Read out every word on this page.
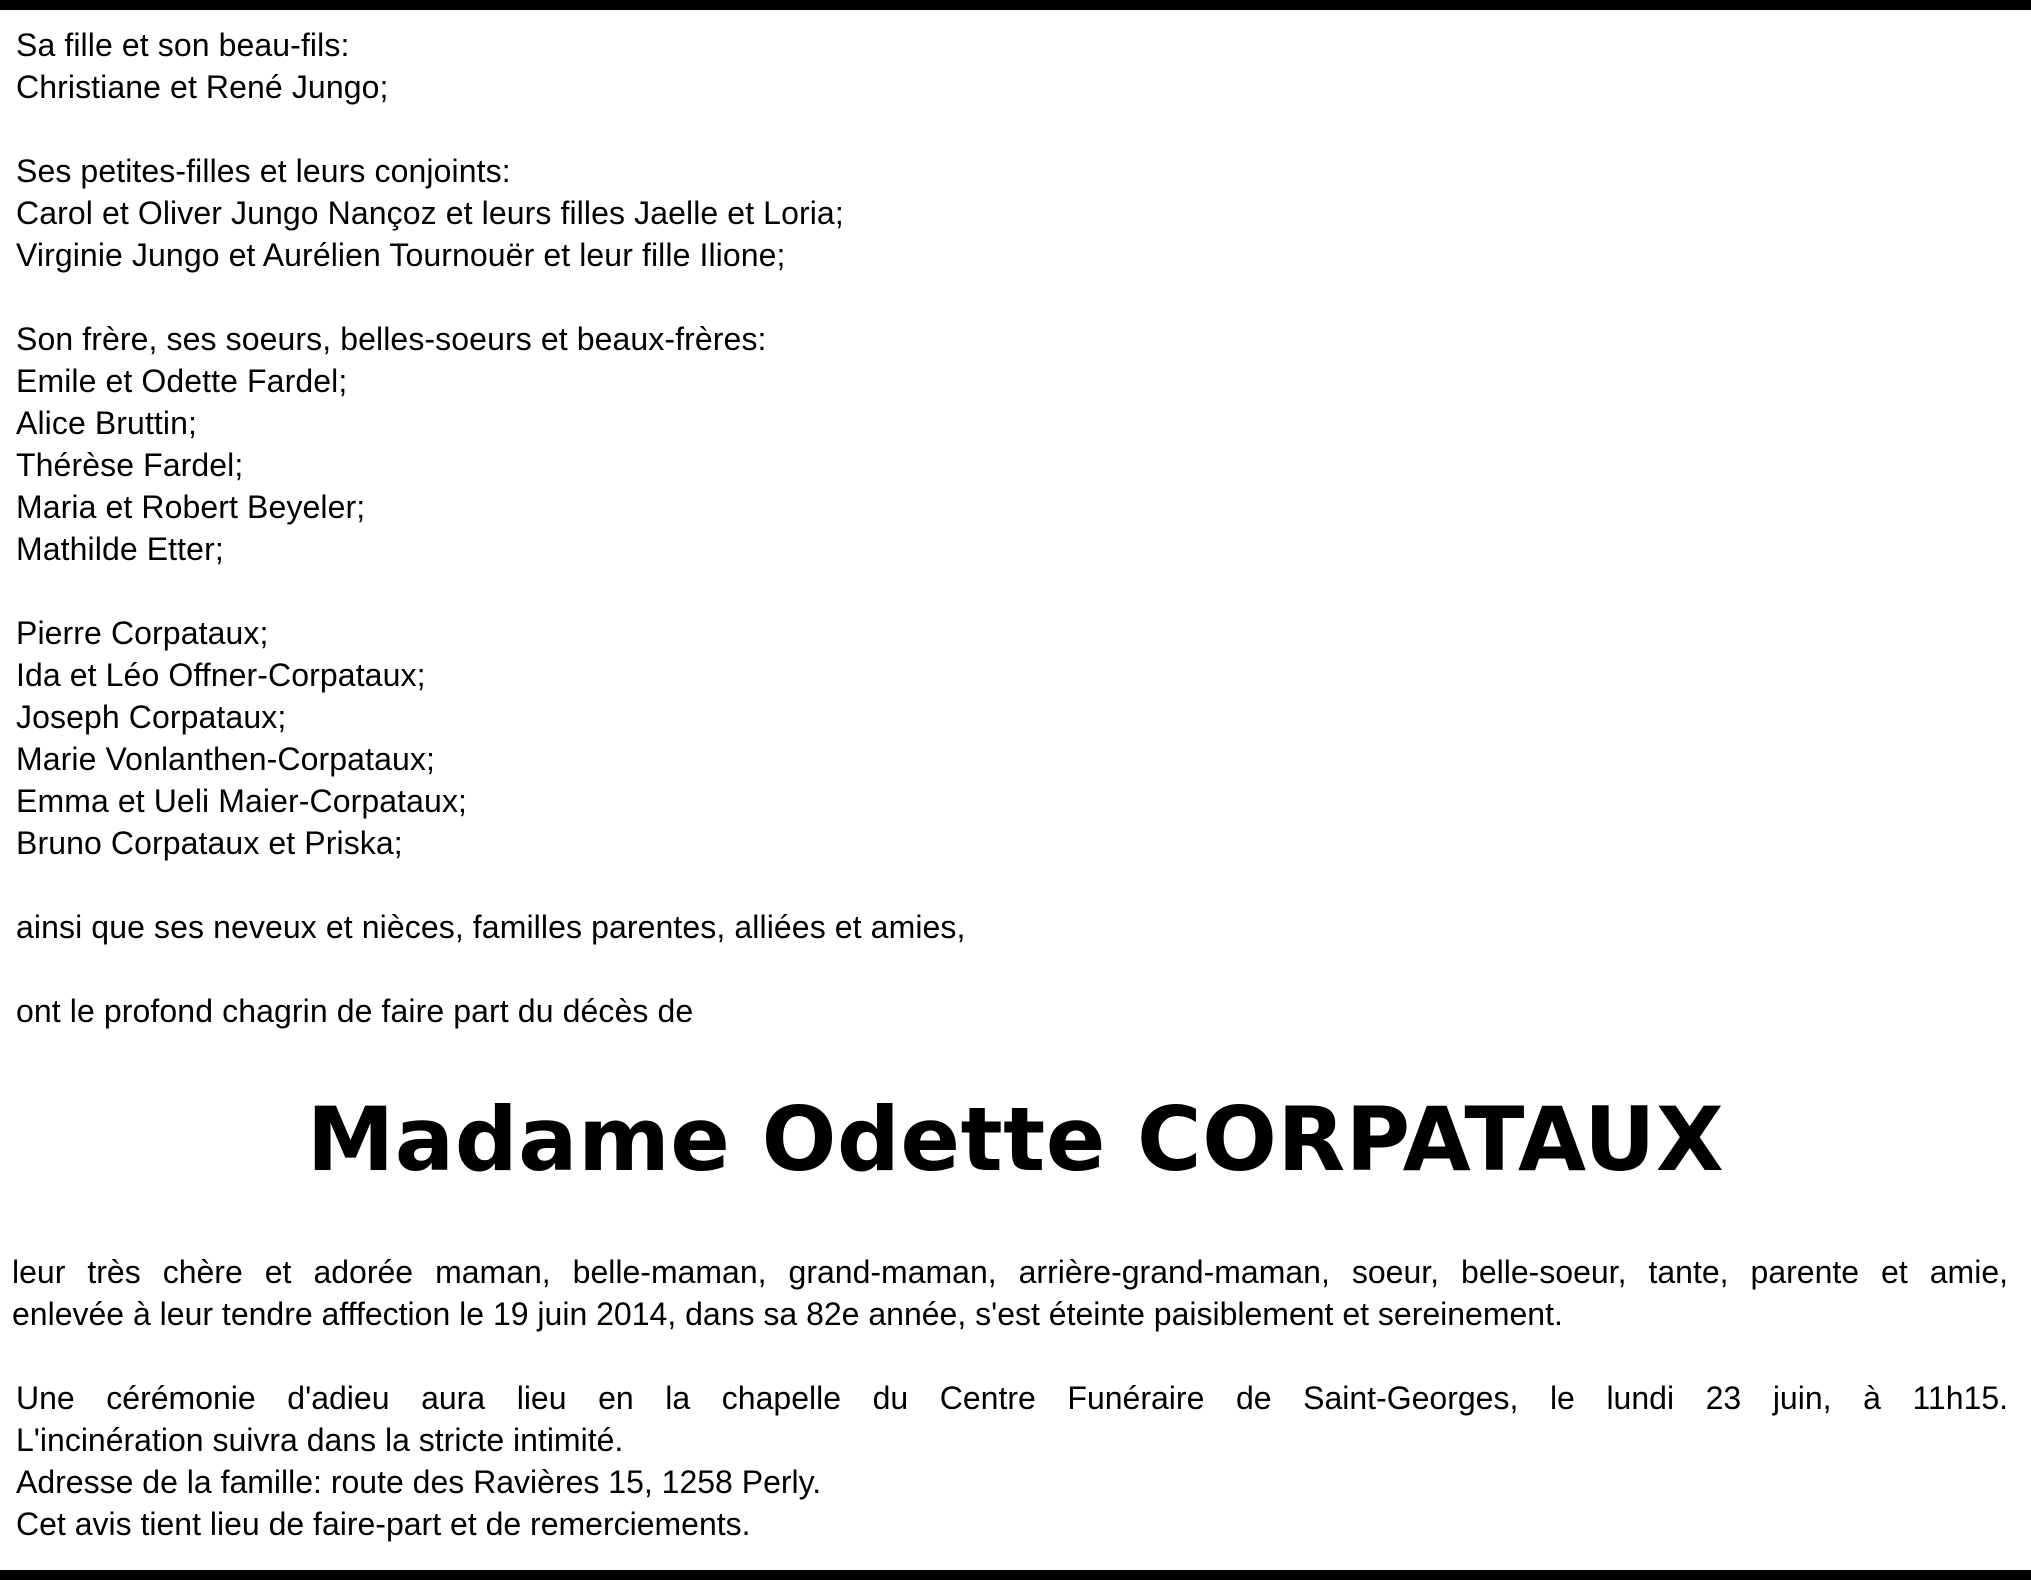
Sa fille et son beau-fils:
Christiane et René Jungo;
Ses petites-filles et leurs conjoints:
Carol et Oliver Jungo Nançoz et leurs filles Jaelle et Loria;
Virginie Jungo et Aurélien Tournouër et leur fille Ilione;
Son frère, ses soeurs, belles-soeurs et beaux-frères:
Emile et Odette Fardel;
Alice Bruttin;
Thérèse Fardel;
Maria et Robert Beyeler;
Mathilde Etter;
Pierre Corpataux;
Ida et Léo Offner-Corpataux;
Joseph Corpataux;
Marie Vonlanthen-Corpataux;
Emma et Ueli Maier-Corpataux;
Bruno Corpataux et Priska;
ainsi que ses neveux et nièces, familles parentes, alliées et amies,
ont le profond chagrin de faire part du décès de
Madame Odette CORPATAUX
leur très chère et adorée maman, belle-maman, grand-maman, arrière-grand-maman, soeur, belle-soeur, tante, parente et amie,
enlevée à leur tendre afffection le 19 juin 2014, dans sa 82e année, s'est éteinte paisiblement et sereinement.
Une cérémonie d'adieu aura lieu en la chapelle du Centre Funéraire de Saint-Georges, le lundi 23 juin, à 11h15.
L'incinération suivra dans la stricte intimité.
Adresse de la famille: route des Ravières 15, 1258 Perly.
Cet avis tient lieu de faire-part et de remerciements.
